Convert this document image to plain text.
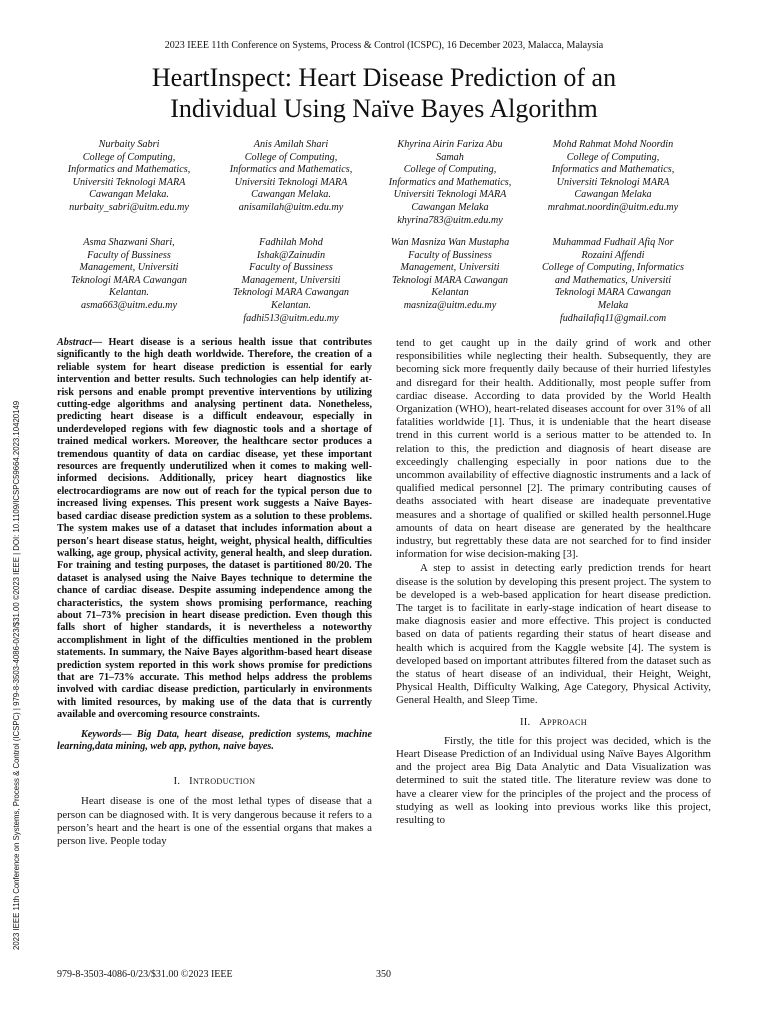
2023 IEEE 11th Conference on Systems, Process & Control (ICSPC), 16 December 2023, Malacca, Malaysia
HeartInspect: Heart Disease Prediction of an
Individual Using Naïve Bayes Algorithm
Nurbaity Sabri
College of Computing,
Informatics and Mathematics,
Universiti Teknologi MARA
Cawangan Melaka.
nurbaity_sabri@uitm.edu.my
Anis Amilah Shari
College of Computing,
Informatics and Mathematics,
Universiti Teknologi MARA
Cawangan Melaka.
anisamilah@uitm.edu.my
Khyrina Airin Fariza Abu
Samah
College of Computing,
Informatics and Mathematics,
Universiti Teknologi MARA
Cawangan Melaka
khyrina783@uitm.edu.my
Mohd Rahmat Mohd Noordin
College of Computing,
Informatics and Mathematics,
Universiti Teknologi MARA
Cawangan Melaka
mrahmat.noordin@uitm.edu.my
Asma Shazwani Shari,
Faculty of Bussiness
Management, Universiti
Teknologi MARA Cawangan
Kelantan.
asma663@uitm.edu.my
Fadhilah Mohd
Ishak@Zainudin
Faculty of Bussiness
Management, Universiti
Teknologi MARA Cawangan
Kelantan.
fadhi513@uitm.edu.my
Wan Masniza Wan Mustapha
Faculty of Bussiness
Management, Universiti
Teknologi MARA Cawangan
Kelantan
masniza@uitm.edu.my
Muhammad Fudhail Afiq Nor
Rozaini Affendi
College of Computing, Informatics
and Mathematics, Universiti
Teknologi MARA Cawangan
Melaka
fudhailafiq11@gmail.com
2023 IEEE 11th Conference on Systems, Process & Control (ICSPC) | 979-8-3503-4086-0/23/$31.00 ©2023 IEEE | DOI: 10.1109/ICSPC59664.2023.10420149

Abstract— Heart disease is a serious health issue that contributes significantly to the high death worldwide. Therefore, the creation of a reliable system for heart disease prediction is essential for early intervention and better results. Such technologies can help identify at-risk persons and enable prompt preventive interventions by utilizing cutting-edge algorithms and analysing pertinent data. Nonetheless, predicting heart disease is a difficult endeavour, especially in underdeveloped regions with few diagnostic tools and a shortage of trained medical workers. Moreover, the healthcare sector produces a tremendous quantity of data on cardiac disease, yet these important resources are frequently underutilized when it comes to making well-informed decisions. Additionally, pricey heart diagnostics like electrocardiograms are now out of reach for the typical person due to increased living expenses. This present work suggests a Naive Bayes-based cardiac disease prediction system as a solution to these problems. The system makes use of a dataset that includes information about a person's heart disease status, height, weight, physical health, difficulties walking, age group, physical activity, general health, and sleep duration. For training and testing purposes, the dataset is partitioned 80/20. The dataset is analysed using the Naive Bayes technique to determine the chance of cardiac disease. Despite assuming independence among the characteristics, the system shows promising performance, reaching about 71–73% precision in heart disease prediction. Even though this falls short of higher standards, it is nevertheless a noteworthy accomplishment in light of the difficulties mentioned in the problem statements. In summary, the Naive Bayes algorithm-based heart disease prediction system reported in this work shows promise for predictions that are 71–73% accurate. This method helps address the problems involved with cardiac disease prediction, particularly in environments with limited resources, by making use of the data that is currently available and overcoming resource constraints.

Keywords— Big Data, heart disease, prediction systems, machine learning,data mining, web app, python, naive bayes.

I. INTRODUCTION

Heart disease is one of the most lethal types of disease that a person can be diagnosed with. It is very dangerous because it refers to a person’s heart and the heart is one of the essential organs that makes a person live. People today

tend to get caught up in the daily grind of work and other responsibilities while neglecting their health. Subsequently, they are becoming sick more frequently daily because of their hurried lifestyles and disregard for their health. Additionally, most people suffer from cardiac disease. According to data provided by the World Health Organization (WHO), heart-related diseases account for over 31% of all fatalities worldwide [1]. Thus, it is undeniable that the heart disease trend in this current world is a serious matter to be attended to. In relation to this, the prediction and diagnosis of heart disease are exceedingly challenging especially in poor nations due to the uncommon availability of effective diagnostic instruments and a lack of qualified medical personnel [2]. The primary contributing causes of deaths associated with heart disease are inadequate preventative measures and a shortage of qualified or skilled health personnel.Huge amounts of data on heart disease are generated by the healthcare industry, but regrettably these data are not searched for to find insider information for wise decision-making [3].

A step to assist in detecting early prediction trends for heart disease is the solution by developing this present project. The system to be developed is a web-based application for heart disease prediction. The target is to facilitate in early-stage indication of heart disease to make diagnosis easier and more effective. This project is conducted based on data of patients regarding their status of heart disease and health which is acquired from the Kaggle website [4]. The system is developed based on important attributes filtered from the dataset such as the status of heart disease of an individual, their Height, Weight, Physical Health, Difficulty Walking, Age Category, Physical Activity, General Health, and Sleep Time.

II. APPROACH

Firstly, the title for this project was decided, which is the Heart Disease Prediction of an Individual using Naïve Bayes Algorithm and the project area Big Data Analytic and Data Visualization was determined to suit the stated title. The literature review was done to have a clearer view for the principles of the project and the process of studying as well as looking into previous works like this project, resulting to

979-8-3503-4086-0/23/$31.00 ©2023 IEEE	350
